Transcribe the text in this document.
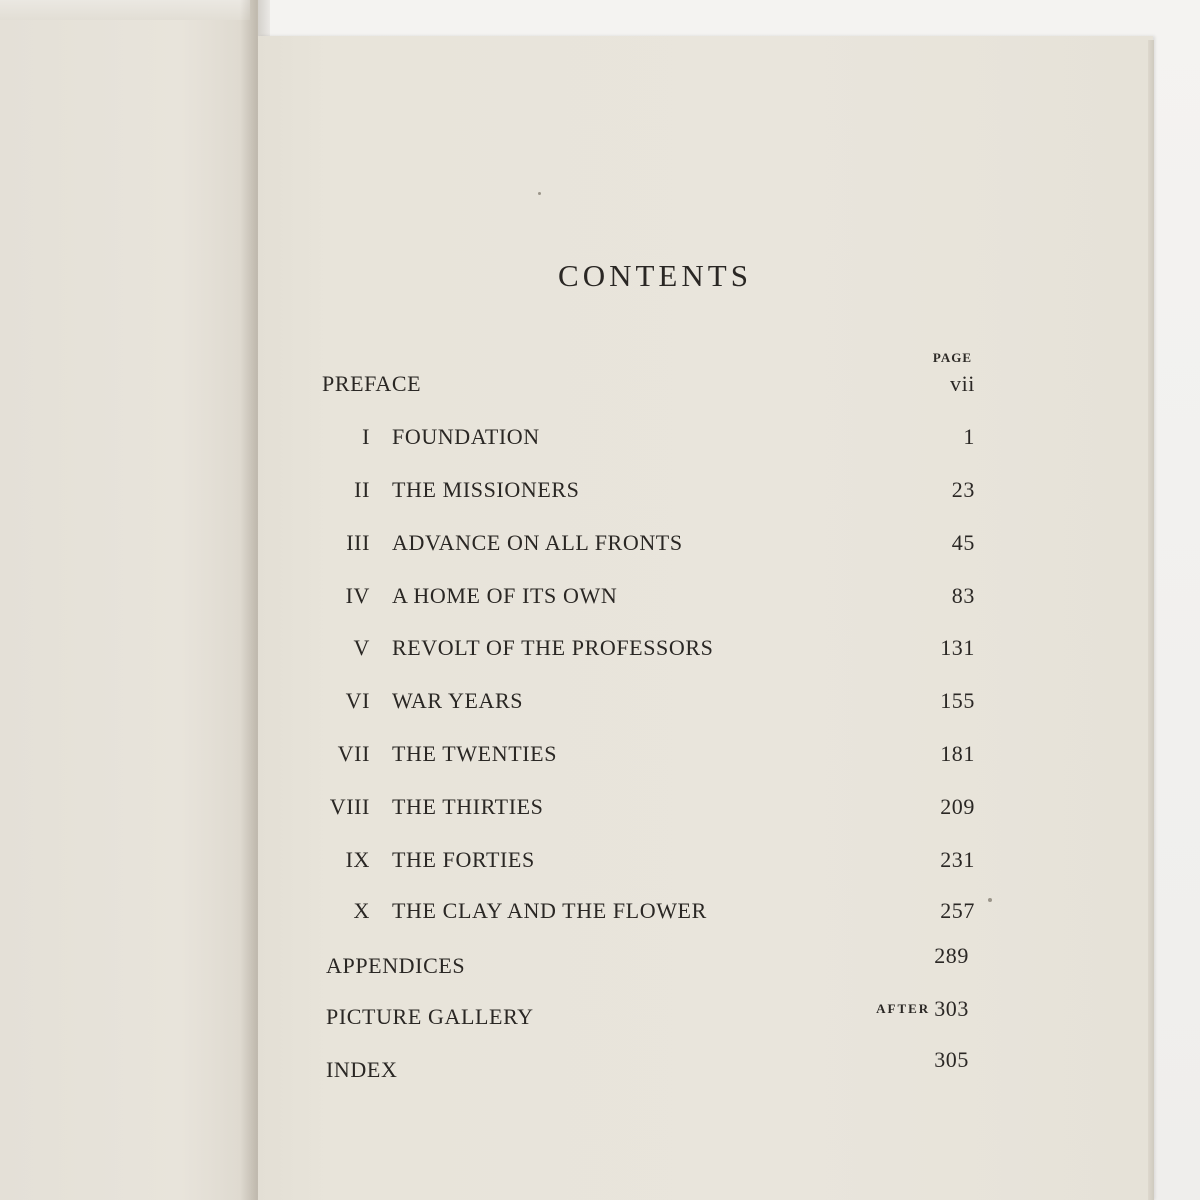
CONTENTS
PAGE
PREFACE	vii
I FOUNDATION	1
II THE MISSIONERS	23
III ADVANCE ON ALL FRONTS	45
IV A HOME OF ITS OWN	83
V REVOLT OF THE PROFESSORS	131
VI WAR YEARS	155
VII THE TWENTIES	181
VIII THE THIRTIES	209
IX THE FORTIES	231
X THE CLAY AND THE FLOWER	257
APPENDICES	289
PICTURE GALLERY	AFTER 303
INDEX	305
